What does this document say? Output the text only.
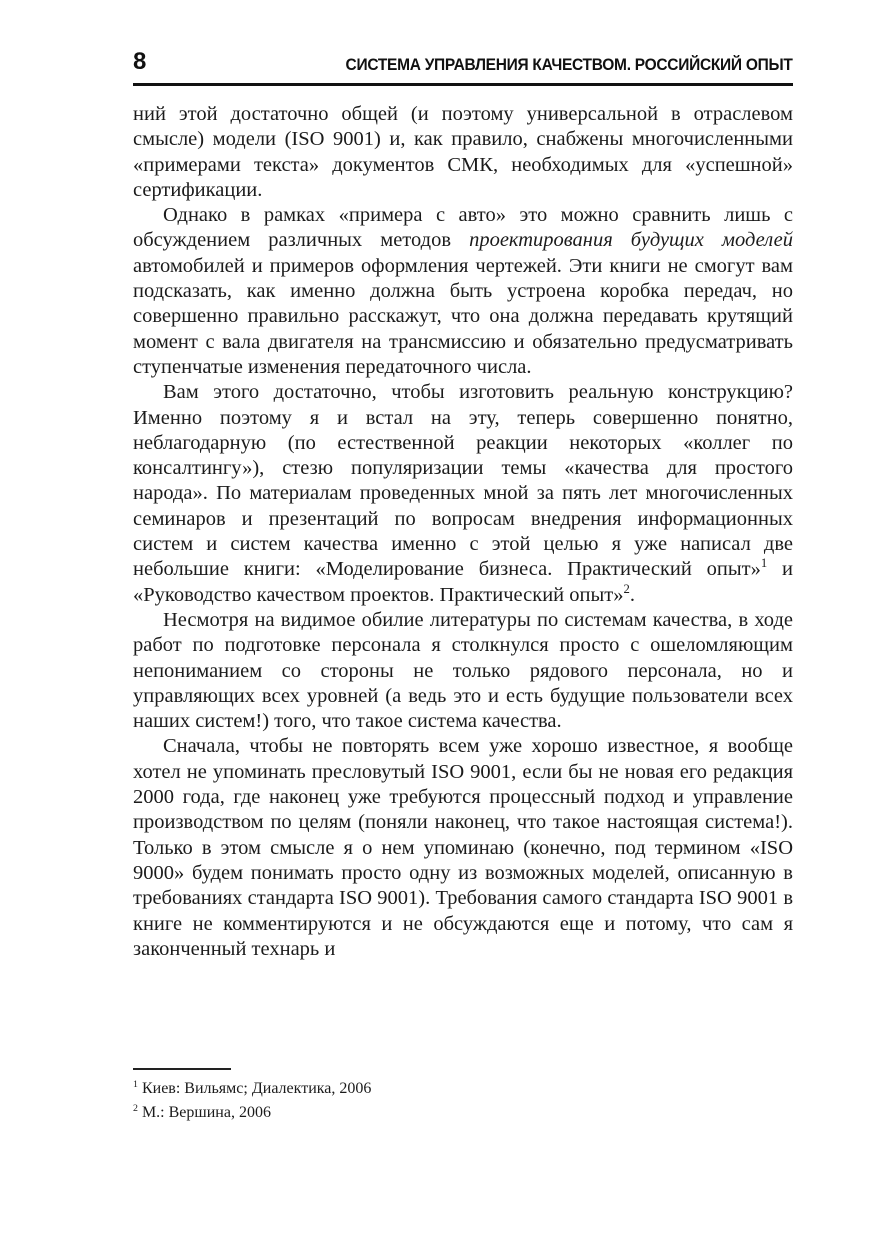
8	СИСТЕМА УПРАВЛЕНИЯ КАЧЕСТВОМ. РОССИЙСКИЙ ОПЫТ

ний этой достаточно общей (и поэтому универсальной в отраслевом смысле) модели (ISO 9001) и, как правило, снабжены многочисленными «примерами текста» документов СМК, необходимых для «успешной» сертификации.

Однако в рамках «примера с авто» это можно сравнить лишь с обсуждением различных методов проектирования будущих моделей автомобилей и примеров оформления чертежей. Эти книги не смогут вам подсказать, как именно должна быть устроена коробка передач, но совершенно правильно расскажут, что она должна передавать крутящий момент с вала двигателя на трансмиссию и обязательно предусматривать ступенчатые изменения передаточного числа.

Вам этого достаточно, чтобы изготовить реальную конструкцию? Именно поэтому я и встал на эту, теперь совершенно понятно, неблагодарную (по естественной реакции некоторых «коллег по консалтингу»), стезю популяризации темы «качества для простого народа». По материалам проведенных мной за пять лет многочисленных семинаров и презентаций по вопросам внедрения информационных систем и систем качества именно с этой целью я уже написал две небольшие книги: «Моделирование бизнеса. Практический опыт»$^1$ и «Руководство качеством проектов. Практический опыт»$^2$.

Несмотря на видимое обилие литературы по системам качества, в ходе работ по подготовке персонала я столкнулся просто с ошеломляющим непониманием со стороны не только рядового персонала, но и управляющих всех уровней (а ведь это и есть будущие пользователи всех наших систем!) того, что такое система качества.

Сначала, чтобы не повторять всем уже хорошо известное, я вообще хотел не упоминать пресловутый ISO 9001, если бы не новая его редакция 2000 года, где наконец уже требуются процессный подход и управление производством по целям (поняли наконец, что такое настоящая система!). Только в этом смысле я о нем упоминаю (конечно, под термином «ISO 9000» будем понимать просто одну из возможных моделей, описанную в требованиях стандарта ISO 9001). Требования самого стандарта ISO 9001 в книге не комментируются и не обсуждаются еще и потому, что сам я законченный технарь и

$^1$ Киев: Вильямс; Диалектика, 2006
$^2$ М.: Вершина, 2006
